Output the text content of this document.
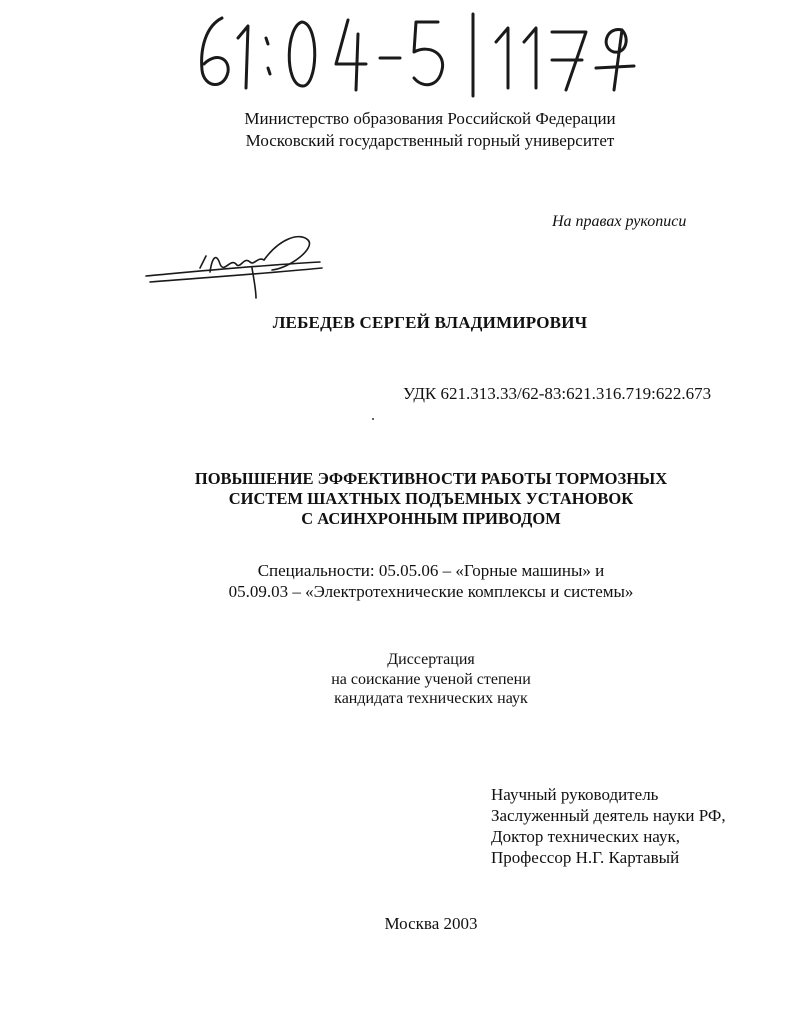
Министерство образования Российской Федерации
Московский государственный горный университет
На правах рукописи
ЛЕБЕДЕВ СЕРГЕЙ ВЛАДИМИРОВИЧ
УДК 621.313.33/62-83:621.316.719:622.673
ПОВЫШЕНИЕ ЭФФЕКТИВНОСТИ РАБОТЫ ТОРМОЗНЫХ
СИСТЕМ ШАХТНЫХ ПОДЪЕМНЫХ УСТАНОВОК
С АСИНХРОННЫМ ПРИВОДОМ
Специальности: 05.05.06 – «Горные машины» и
05.09.03 – «Электротехнические комплексы и системы»
Диссертация
на соискание ученой степени
кандидата технических наук
Научный руководитель
Заслуженный деятель науки РФ,
Доктор технических наук,
Профессор Н.Г. Картавый
Москва 2003
